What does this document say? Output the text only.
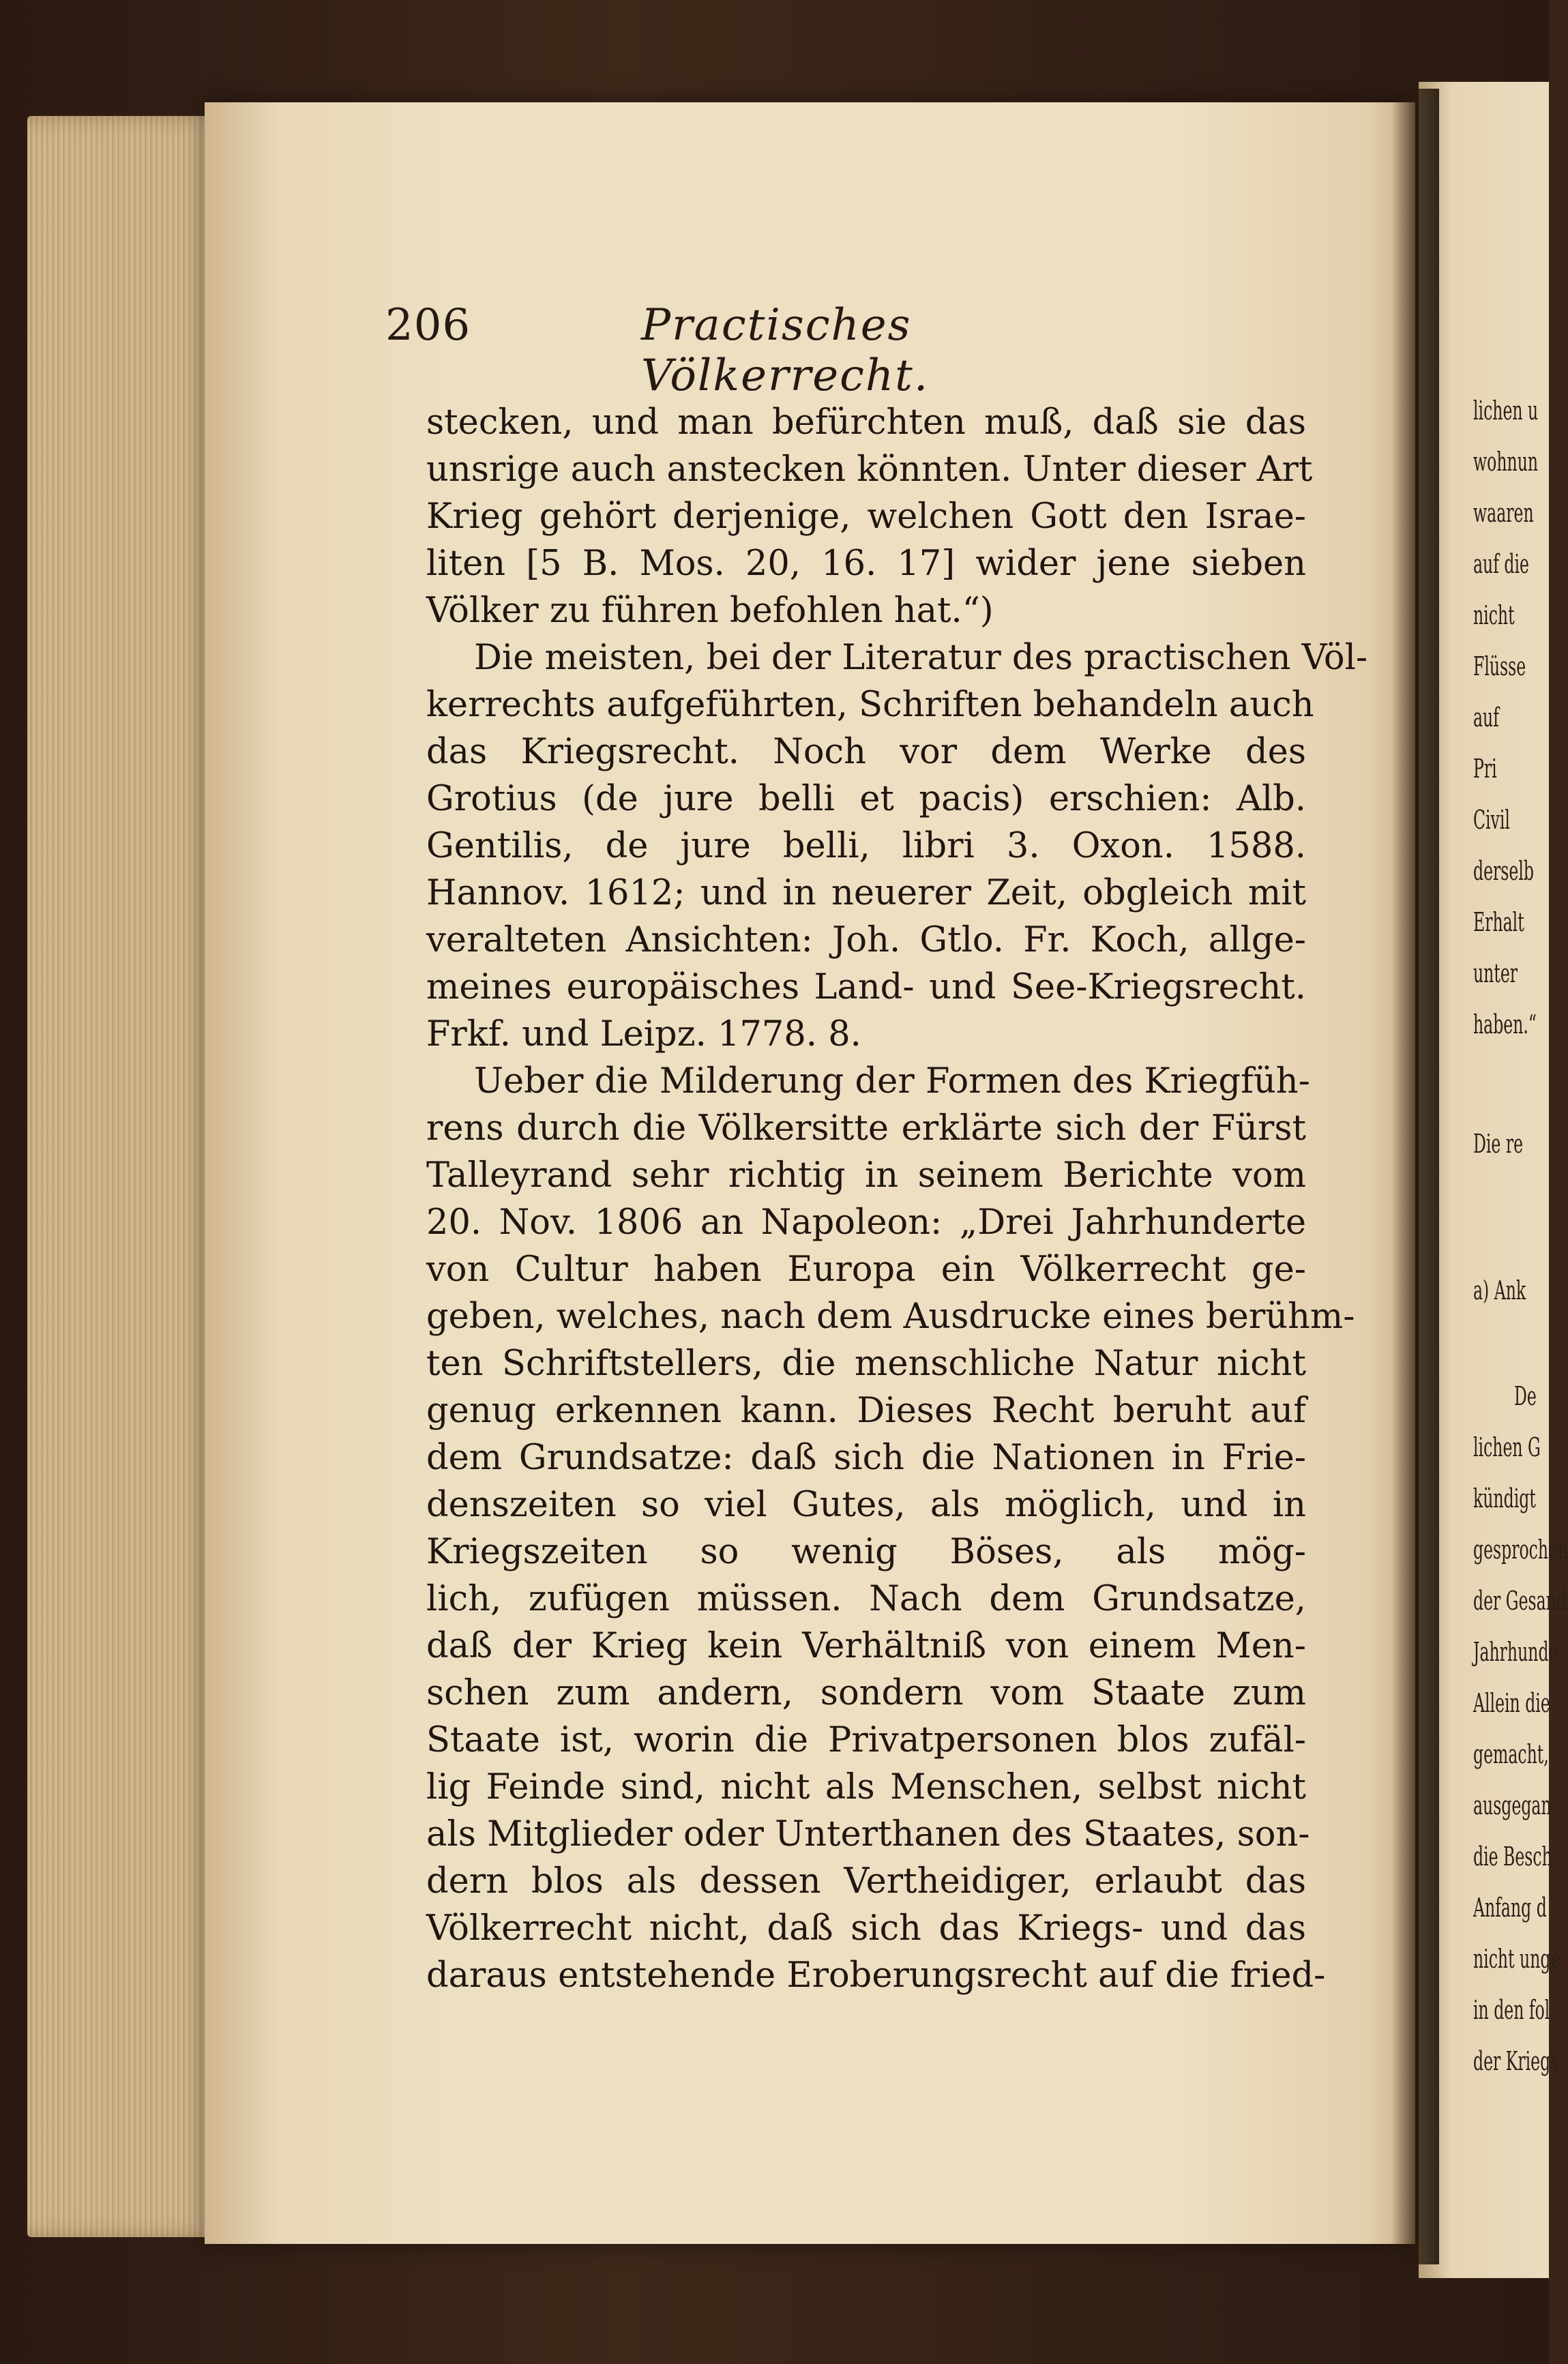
lichen u
wohnun
waaren
auf die
nicht
Flüsse
auf
Pri
Civil
derselb
Erhalt
unter
haben.“
Die re
a) Ank
De
lichen G
kündigt
gesprochen
der Gesand
Jahrhunde
Allein die
gemacht,
ausgegan
die Besch
Anfang d
nicht unge
in den fol
der Kriegs
206	Practisches Völkerrecht.
stecken, und man befürchten muß, daß sie das
unsrige auch anstecken könnten. Unter dieser Art
Krieg gehört derjenige, welchen Gott den Israe-
liten [5 B. Mos. 20, 16. 17] wider jene sieben
Völker zu führen befohlen hat.“)
Die meisten, bei der Literatur des practischen Völ-
kerrechts aufgeführten, Schriften behandeln auch
das Kriegsrecht. Noch vor dem Werke des
Grotius (de jure belli et pacis) erschien: Alb.
Gentilis, de jure belli, libri 3. Oxon. 1588.
Hannov. 1612; und in neuerer Zeit, obgleich mit
veralteten Ansichten: Joh. Gtlo. Fr. Koch, allge-
meines europäisches Land- und See-Kriegsrecht.
Frkf. und Leipz. 1778. 8.
Ueber die Milderung der Formen des Kriegfüh-
rens durch die Völkersitte erklärte sich der Fürst
Talleyrand sehr richtig in seinem Berichte vom
20. Nov. 1806 an Napoleon: „Drei Jahrhunderte
von Cultur haben Europa ein Völkerrecht ge-
geben, welches, nach dem Ausdrucke eines berühm-
ten Schriftstellers, die menschliche Natur nicht
genug erkennen kann. Dieses Recht beruht auf
dem Grundsatze: daß sich die Nationen in Frie-
denszeiten so viel Gutes, als möglich, und in
Kriegszeiten so wenig Böses, als mög-
lich, zufügen müssen. Nach dem Grundsatze,
daß der Krieg kein Verhältniß von einem Men-
schen zum andern, sondern vom Staate zum
Staate ist, worin die Privatpersonen blos zufäl-
lig Feinde sind, nicht als Menschen, selbst nicht
als Mitglieder oder Unterthanen des Staates, son-
dern blos als dessen Vertheidiger, erlaubt das
Völkerrecht nicht, daß sich das Kriegs- und das
daraus entstehende Eroberungsrecht auf die fried-
